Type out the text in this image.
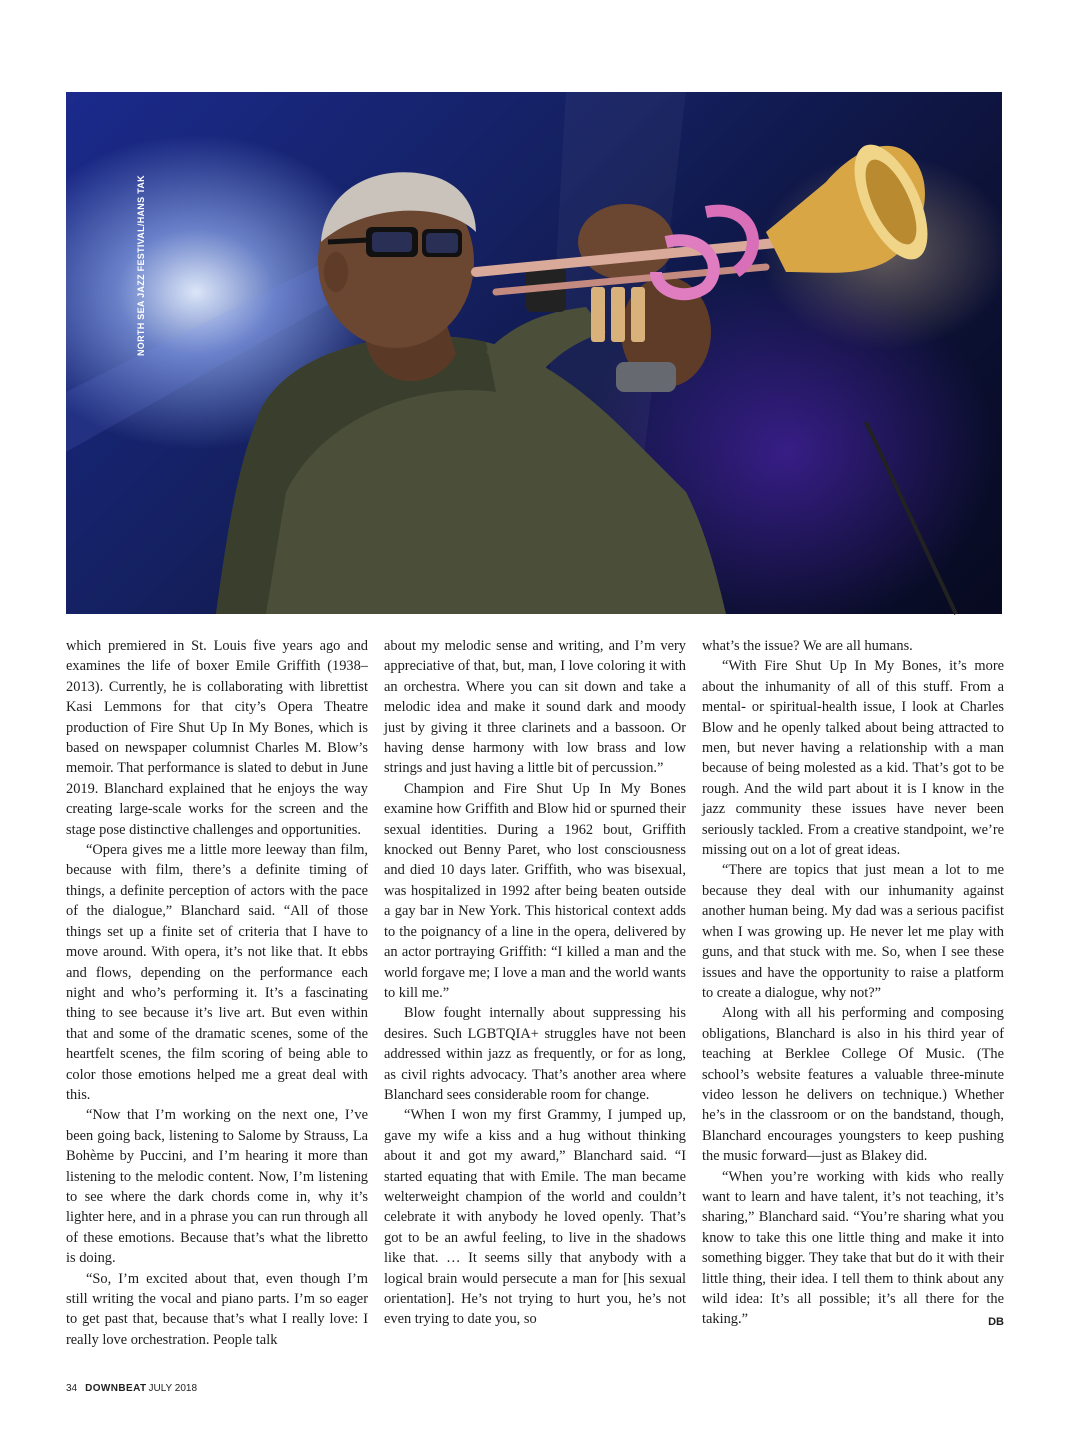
NORTH SEA JAZZ FESTIVAL/HANS TAK
Blanchard sees social issues in American life that jazz has yet to fully address.

which premiered in St. Louis five years ago and examines the life of boxer Emile Griffith (1938–2013). Currently, he is collaborating with librettist Kasi Lemmons for that city’s Opera Theatre production of Fire Shut Up In My Bones, which is based on newspaper columnist Charles M. Blow’s memoir. That performance is slated to debut in June 2019. Blanchard explained that he enjoys the way creating large-scale works for the screen and the stage pose distinctive challenges and opportunities.

“Opera gives me a little more leeway than film, because with film, there’s a definite timing of things, a definite perception of actors with the pace of the dialogue,” Blanchard said. “All of those things set up a finite set of criteria that I have to move around. With opera, it’s not like that. It ebbs and flows, depending on the performance each night and who’s performing it. It’s a fascinating thing to see because it’s live art. But even within that and some of the dramatic scenes, some of the heartfelt scenes, the film scoring of being able to color those emotions helped me a great deal with this.

“Now that I’m working on the next one, I’ve been going back, listening to Salome by Strauss, La Bohème by Puccini, and I’m hearing it more than listening to the melodic content. Now, I’m listening to see where the dark chords come in, why it’s lighter here, and in a phrase you can run through all of these emotions. Because that’s what the libretto is doing.

“So, I’m excited about that, even though I’m still writing the vocal and piano parts. I’m so eager to get past that, because that’s what I really love: I really love orchestration. People talk

about my melodic sense and writing, and I’m very appreciative of that, but, man, I love coloring it with an orchestra. Where you can sit down and take a melodic idea and make it sound dark and moody just by giving it three clarinets and a bassoon. Or having dense harmony with low brass and low strings and just having a little bit of percussion.”

Champion and Fire Shut Up In My Bones examine how Griffith and Blow hid or spurned their sexual identities. During a 1962 bout, Griffith knocked out Benny Paret, who lost consciousness and died 10 days later. Griffith, who was bisexual, was hospitalized in 1992 after being beaten outside a gay bar in New York. This historical context adds to the poignancy of a line in the opera, delivered by an actor portraying Griffith: “I killed a man and the world forgave me; I love a man and the world wants to kill me.”

Blow fought internally about suppressing his desires. Such LGBTQIA+ struggles have not been addressed within jazz as frequently, or for as long, as civil rights advocacy. That’s another area where Blanchard sees considerable room for change.

“When I won my first Grammy, I jumped up, gave my wife a kiss and a hug without thinking about it and got my award,” Blanchard said. “I started equating that with Emile. The man became welterweight champion of the world and couldn’t celebrate it with anybody he loved openly. That’s got to be an awful feeling, to live in the shadows like that. … It seems silly that anybody with a logical brain would persecute a man for [his sexual orientation]. He’s not trying to hurt you, he’s not even trying to date you, so

what’s the issue? We are all humans.

“With Fire Shut Up In My Bones, it’s more about the inhumanity of all of this stuff. From a mental- or spiritual-health issue, I look at Charles Blow and he openly talked about being attracted to men, but never having a relationship with a man because of being molested as a kid. That’s got to be rough. And the wild part about it is I know in the jazz community these issues have never been seriously tackled. From a creative standpoint, we’re missing out on a lot of great ideas.

“There are topics that just mean a lot to me because they deal with our inhumanity against another human being. My dad was a serious pacifist when I was growing up. He never let me play with guns, and that stuck with me. So, when I see these issues and have the opportunity to raise a platform to create a dialogue, why not?”

Along with all his performing and composing obligations, Blanchard is also in his third year of teaching at Berklee College Of Music. (The school’s website features a valuable three-minute video lesson he delivers on technique.) Whether he’s in the classroom or on the bandstand, though, Blanchard encourages youngsters to keep pushing the music forward—just as Blakey did.

“When you’re working with kids who really want to learn and have talent, it’s not teaching, it’s sharing,” Blanchard said. “You’re sharing what you know to take this one little thing and make it into something bigger. They take that but do it with their little thing, their idea. I tell them to think about any wild idea: It’s all possible; it’s all there for the taking.”	DB

34 DOWNBEAT JULY 2018
